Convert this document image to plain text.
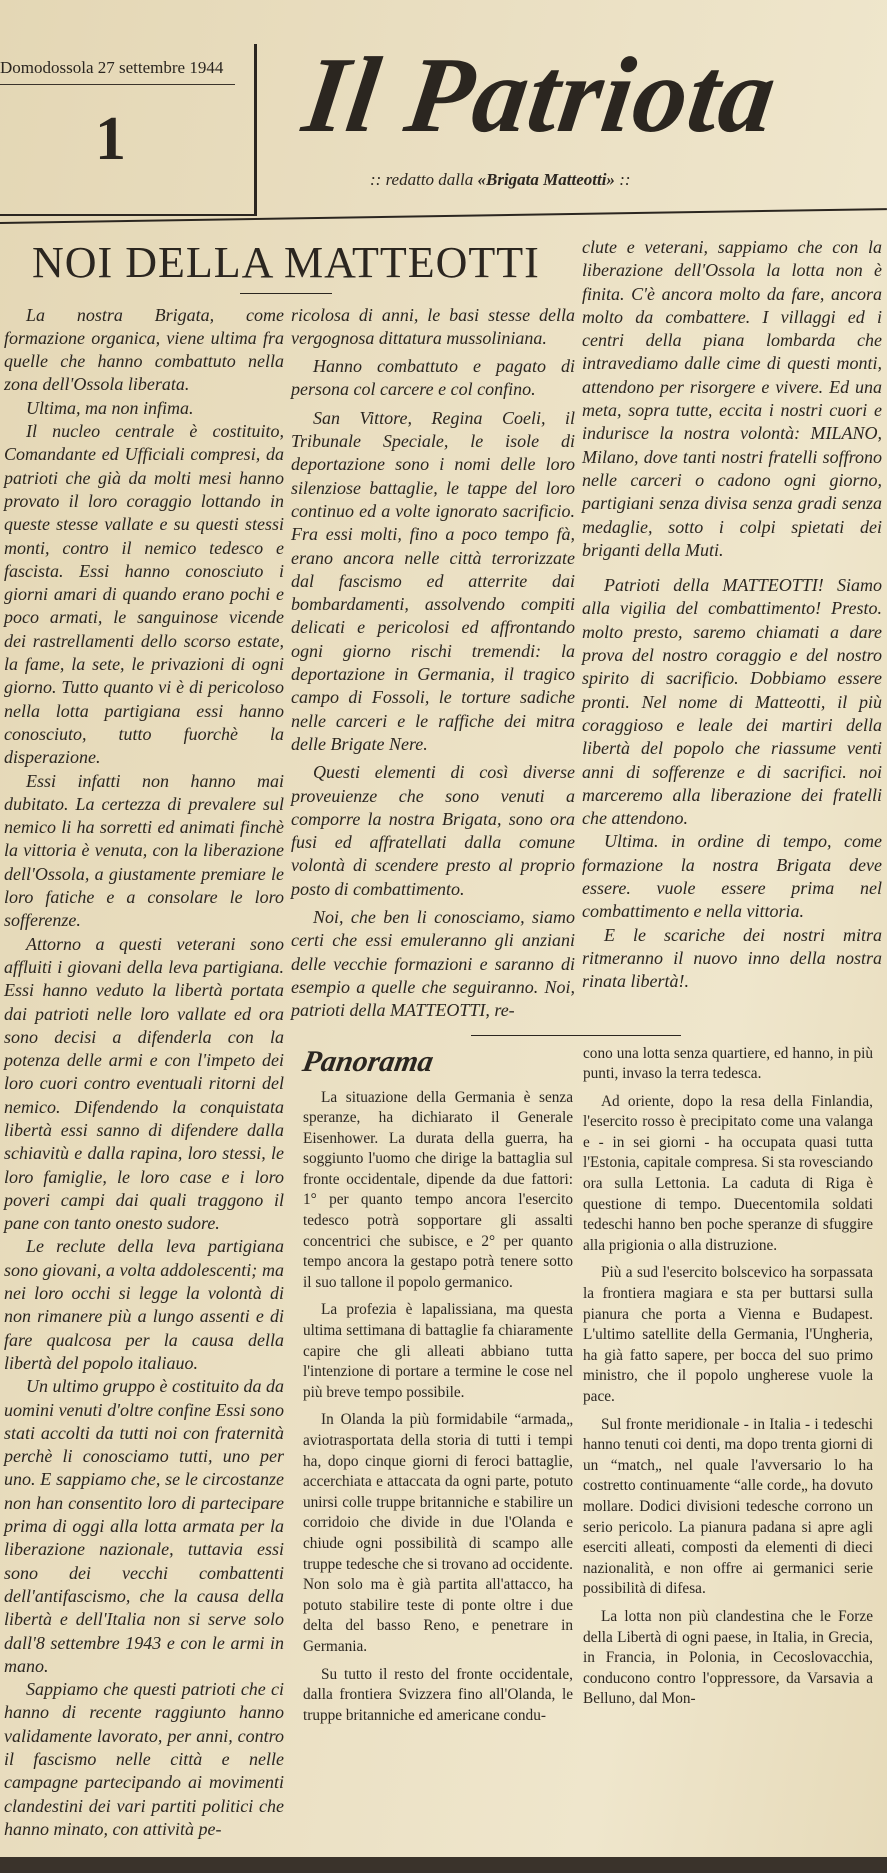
Domodossola 27 settembre 1944
1 Il Patriota
:: redatto dalla «Brigata Matteotti» ::
NOI DELLA MATTEOTTI

La nostra Brigata, come formazione organica, viene ultima fra quelle che hanno combattuto nella zona dell'Ossola liberata.

Ultima, ma non infima.

Il nucleo centrale è costituito, Comandante ed Ufficiali compresi, da patrioti che già da molti mesi hanno provato il loro coraggio lottando in queste stesse vallate e su questi stessi monti, contro il nemico tedesco e fascista. Essi hanno conosciuto i giorni amari di quando erano pochi e poco armati, le sanguinose vicende dei rastrellamenti dello scorso estate, la fame, la sete, le privazioni di ogni giorno. Tutto quanto vi è di pericoloso nella lotta partigiana essi hanno conosciuto, tutto fuorchè la disperazione.

Essi infatti non hanno mai dubitato. La certezza di prevalere sul nemico li ha sorretti ed animati finchè la vittoria è venuta, con la liberazione dell'Ossola, a giustamente premiare le loro fatiche e a consolare le loro sofferenze.

Attorno a questi veterani sono affluiti i giovani della leva partigiana. Essi hanno veduto la libertà portata dai patrioti nelle loro vallate ed ora sono decisi a difenderla con la potenza delle armi e con l'impeto dei loro cuori contro eventuali ritorni del nemico. Difendendo la conquistata libertà essi sanno di difendere dalla schiavitù e dalla rapina, loro stessi, le loro famiglie, le loro case e i loro poveri campi dai quali traggono il pane con tanto onesto sudore.

Le reclute della leva partigiana sono giovani, a volta addolescenti; ma nei loro occhi si legge la volontà di non rimanere più a lungo assenti e di fare qualcosa per la causa della libertà del popolo italiauo.

Un ultimo gruppo è costituito da da uomini venuti d'oltre confine Essi sono stati accolti da tutti noi con fraternità perchè li conosciamo tutti, uno per uno. E sappiamo che, se le circostanze non han consentito loro di partecipare prima di oggi alla lotta armata per la liberazione nazionale, tuttavia essi sono dei vecchi combattenti dell'antifascismo, che la causa della libertà e dell'Italia non si serve solo dall'8 settembre 1943 e con le armi in mano.

Sappiamo che questi patrioti che ci hanno di recente raggiunto hanno validamente lavorato, per anni, contro il fascismo nelle città e nelle campagne partecipando ai movimenti clandestini dei vari partiti politici che hanno minato, con attività pe-

ricolosa di anni, le basi stesse della vergognosa dittatura mussoliniana.

Hanno combattuto e pagato di persona col carcere e col confino.

San Vittore, Regina Coeli, il Tribunale Speciale, le isole di deportazione sono i nomi delle loro silenziose battaglie, le tappe del loro continuo ed a volte ignorato sacrificio. Fra essi molti, fino a poco tempo fà, erano ancora nelle città terrorizzate dal fascismo ed atterrite dai bombardamenti, assolvendo compiti delicati e pericolosi ed affrontando ogni giorno rischi tremendi: la deportazione in Germania, il tragico campo di Fossoli, le torture sadiche nelle carceri e le raffiche dei mitra delle Brigate Nere.

Questi elementi di così diverse proveuienze che sono venuti a comporre la nostra Brigata, sono ora fusi ed affratellati dalla comune volontà di scendere presto al proprio posto di combattimento.

Noi, che ben li conosciamo, siamo certi che essi emuleranno gli anziani delle vecchie formazioni e saranno di esempio a quelle che seguiranno. Noi, patrioti della MATTEOTTI, re-

clute e veterani, sappiamo che con la liberazione dell'Ossola la lotta non è finita. C'è ancora molto da fare, ancora molto da combattere. I villaggi ed i centri della piana lombarda che intravediamo dalle cime di questi monti, attendono per risorgere e vivere. Ed una meta, sopra tutte, eccita i nostri cuori e indurisce la nostra volontà: MILANO, Milano, dove tanti nostri fratelli soffrono nelle carceri o cadono ogni giorno, partigiani senza divisa senza gradi senza medaglie, sotto i colpi spietati dei briganti della Muti.

Patrioti della MATTEOTTI! Siamo alla vigilia del combattimento! Presto. molto presto, saremo chiamati a dare prova del nostro coraggio e del nostro spirito di sacrificio. Dobbiamo essere pronti. Nel nome di Matteotti, il più coraggioso e leale dei martiri della libertà del popolo che riassume venti anni di sofferenze e di sacrifici. noi marceremo alla liberazione dei fratelli che attendono.

Ultima. in ordine di tempo, come formazione la nostra Brigata deve essere. vuole essere prima nel combattimento e nella vittoria.

E le scariche dei nostri mitra ritmeranno il nuovo inno della nostra rinata libertà!.

Panorama

La situazione della Germania è senza speranze, ha dichiarato il Generale Eisenhower. La durata della guerra, ha soggiunto l'uomo che dirige la battaglia sul fronte occidentale, dipende da due fattori: 1° per quanto tempo ancora l'esercito tedesco potrà sopportare gli assalti concentrici che subisce, e 2° per quanto tempo ancora la gestapo potrà tenere sotto il suo tallone il popolo germanico.

La profezia è lapalissiana, ma questa ultima settimana di battaglie fa chiaramente capire che gli alleati abbiano tutta l'intenzione di portare a termine le cose nel più breve tempo possibile.

In Olanda la più formidabile “armada„ aviotrasportata della storia di tutti i tempi ha, dopo cinque giorni di feroci battaglie, accerchiata e attaccata da ogni parte, potuto unirsi colle truppe britanniche e stabilire un corridoio che divide in due l'Olanda e chiude ogni possibilità di scampo alle truppe tedesche che si trovano ad occidente. Non solo ma è già partita all'attacco, ha potuto stabilire teste di ponte oltre i due delta del basso Reno, e penetrare in Germania.

Su tutto il resto del fronte occidentale, dalla frontiera Svizzera fino all'Olanda, le truppe britanniche ed americane condu-

cono una lotta senza quartiere, ed hanno, in più punti, invaso la terra tedesca.

Ad oriente, dopo la resa della Finlandia, l'esercito rosso è precipitato come una valanga e - in sei giorni - ha occupata quasi tutta l'Estonia, capitale compresa. Si sta rovesciando ora sulla Lettonia. La caduta di Riga è questione di tempo. Duecentomila soldati tedeschi hanno ben poche speranze di sfuggire alla prigionia o alla distruzione.

Più a sud l'esercito bolscevico ha sorpassata la frontiera magiara e sta per buttarsi sulla pianura che porta a Vienna e Budapest. L'ultimo satellite della Germania, l'Ungheria, ha già fatto sapere, per bocca del suo primo ministro, che il popolo ungherese vuole la pace.

Sul fronte meridionale - in Italia - i tedeschi hanno tenuti coi denti, ma dopo trenta giorni di un “match„ nel quale l'avversario lo ha costretto continuamente “alle corde„ ha dovuto mollare. Dodici divisioni tedesche corrono un serio pericolo. La pianura padana si apre agli eserciti alleati, composti da elementi di dieci nazionalità, e non offre ai germanici serie possibilità di difesa.

La lotta non più clandestina che le Forze della Libertà di ogni paese, in Italia, in Grecia, in Francia, in Polonia, in Cecoslovacchia, conducono contro l'oppressore, da Varsavia a Belluno, dal Mon-
